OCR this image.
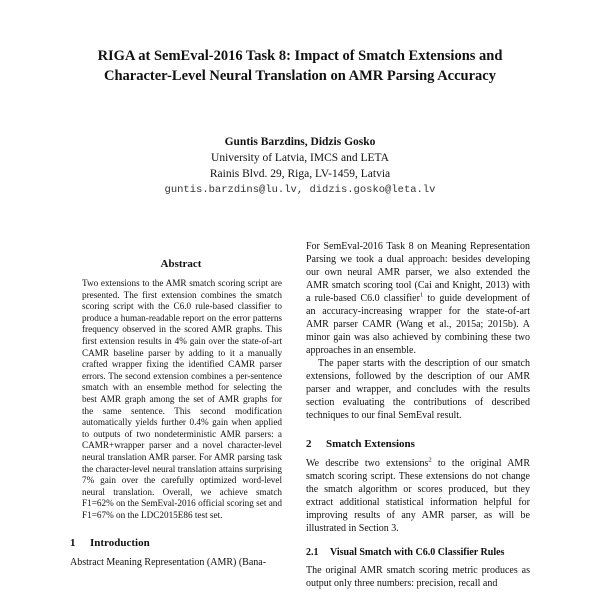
RIGA at SemEval-2016 Task 8: Impact of Smatch Extensions and
Character-Level Neural Translation on AMR Parsing Accuracy
Guntis Barzdins, Didzis Gosko
University of Latvia, IMCS and LETA
Rainis Blvd. 29, Riga, LV-1459, Latvia
guntis.barzdins@lu.lv, didzis.gosko@leta.lv
Abstract

Two extensions to the AMR smatch scoring script are presented. The first extension combines the smatch scoring script with the C6.0 rule-based classifier to produce a human-readable report on the error patterns frequency observed in the scored AMR graphs. This first extension results in 4% gain over the state-of-art CAMR baseline parser by adding to it a manually crafted wrapper fixing the identified CAMR parser errors. The second extension combines a per-sentence smatch with an ensemble method for selecting the best AMR graph among the set of AMR graphs for the same sentence. This second modification automatically yields further 0.4% gain when applied to outputs of two nondeterministic AMR parsers: a CAMR+wrapper parser and a novel character-level neural translation AMR parser. For AMR parsing task the character-level neural translation attains surprising 7% gain over the carefully optimized word-level neural translation. Overall, we achieve smatch F1=62% on the SemEval-2016 official scoring set and F1=67% on the LDC2015E86 test set.

1 Introduction

Abstract Meaning Representation (AMR) (Bana-

For SemEval-2016 Task 8 on Meaning Representation Parsing we took a dual approach: besides developing our own neural AMR parser, we also extended the AMR smatch scoring tool (Cai and Knight, 2013) with a rule-based C6.0 classifier$^1$ to guide development of an accuracy-increasing wrapper for the state-of-art AMR parser CAMR (Wang et al., 2015a; 2015b). A minor gain was also achieved by combining these two approaches in an ensemble.

The paper starts with the description of our smatch extensions, followed by the description of our AMR parser and wrapper, and concludes with the results section evaluating the contributions of described techniques to our final SemEval result.

2 Smatch Extensions

We describe two extensions$^2$ to the original AMR smatch scoring script. These extensions do not change the smatch algorithm or scores produced, but they extract additional statistical information helpful for improving results of any AMR parser, as will be illustrated in Section 3.

2.1 Visual Smatch with C6.0 Classifier Rules

The original AMR smatch scoring metric produces as output only three numbers: precision, recall and
